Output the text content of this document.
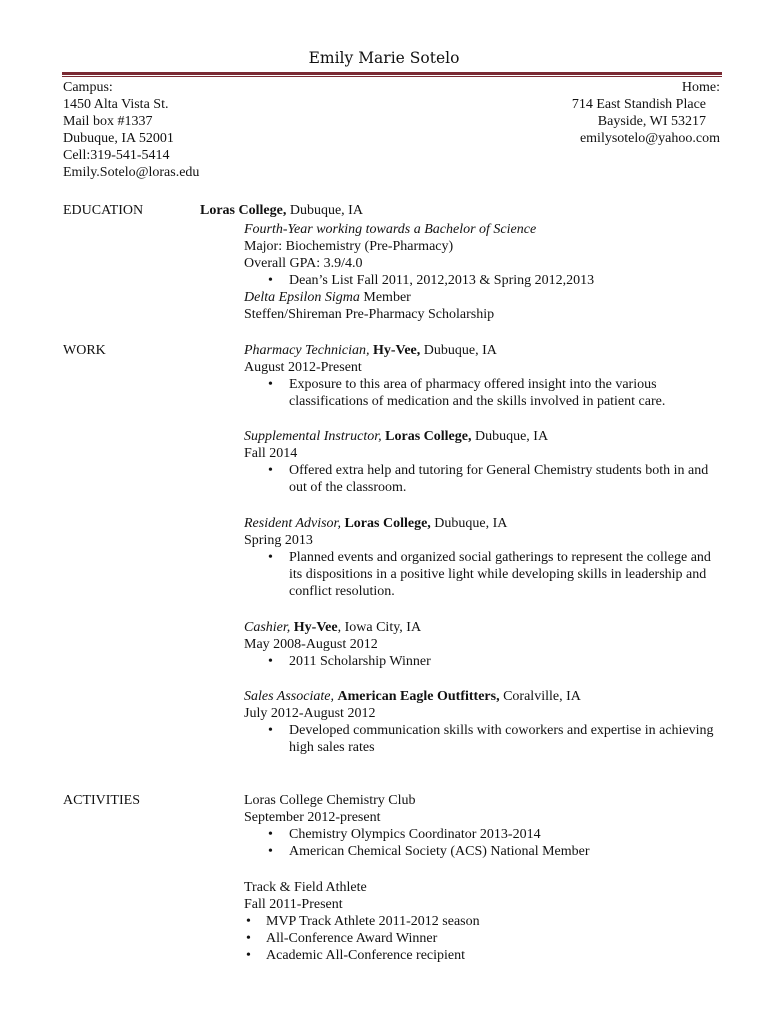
Emily Marie Sotelo
Campus:
1450 Alta Vista St.
Mail box #1337
Dubuque, IA 52001
Cell:319-541-5414
Emily.Sotelo@loras.edu
Home:
714 East Standish Place
Bayside, WI 53217
emilysotelo@yahoo.com
EDUCATION	Loras College, Dubuque, IA
Fourth-Year working towards a Bachelor of Science
Major: Biochemistry (Pre-Pharmacy)
Overall GPA: 3.9/4.0
• Dean’s List Fall 2011, 2012,2013 & Spring 2012,2013
Delta Epsilon Sigma Member
Steffen/Shireman Pre-Pharmacy Scholarship
WORK	Pharmacy Technician, Hy-Vee, Dubuque, IA
August 2012-Present
• Exposure to this area of pharmacy offered insight into the various classifications of medication and the skills involved in patient care.
Supplemental Instructor, Loras College, Dubuque, IA
Fall 2014
• Offered extra help and tutoring for General Chemistry students both in and out of the classroom.
Resident Advisor, Loras College, Dubuque, IA
Spring 2013
• Planned events and organized social gatherings to represent the college and its dispositions in a positive light while developing skills in leadership and conflict resolution.
Cashier, Hy-Vee, Iowa City, IA
May 2008-August 2012
• 2011 Scholarship Winner
Sales Associate, American Eagle Outfitters, Coralville, IA
July 2012-August 2012
• Developed communication skills with coworkers and expertise in achieving high sales rates
ACTIVITIES	Loras College Chemistry Club
September 2012-present
• Chemistry Olympics Coordinator 2013-2014
• American Chemical Society (ACS) National Member
Track & Field Athlete
Fall 2011-Present
• MVP Track Athlete 2011-2012 season
• All-Conference Award Winner
• Academic All-Conference recipient
